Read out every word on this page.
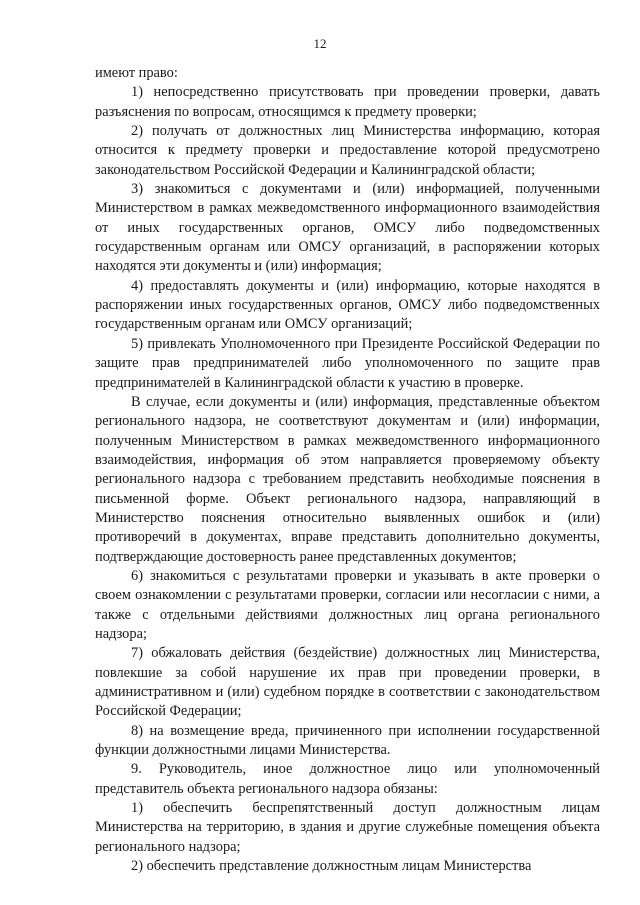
12

имеют право:

1) непосредственно присутствовать при проведении проверки, давать разъяснения по вопросам, относящимся к предмету проверки;

2) получать от должностных лиц Министерства информацию, которая относится к предмету проверки и предоставление которой предусмотрено законодательством Российской Федерации и Калининградской области;

3) знакомиться с документами и (или) информацией, полученными Министерством в рамках межведомственного информационного взаимодействия от иных государственных органов, ОМСУ либо подведомственных государственным органам или ОМСУ организаций, в распоряжении которых находятся эти документы и (или) информация;

4) предоставлять документы и (или) информацию, которые находятся в распоряжении иных государственных органов, ОМСУ либо подведомственных государственным органам или ОМСУ организаций;

5) привлекать Уполномоченного при Президенте Российской Федерации по защите прав предпринимателей либо уполномоченного по защите прав предпринимателей в Калининградской области к участию в проверке.

В случае, если документы и (или) информация, представленные объектом регионального надзора, не соответствуют документам и (или) информации, полученным Министерством в рамках межведомственного информационного взаимодействия, информация об этом направляется проверяемому объекту регионального надзора с требованием представить необходимые пояснения в письменной форме. Объект регионального надзора, направляющий в Министерство пояснения относительно выявленных ошибок и (или) противоречий в документах, вправе представить дополнительно документы, подтверждающие достоверность ранее представленных документов;

6) знакомиться с результатами проверки и указывать в акте проверки о своем ознакомлении с результатами проверки, согласии или несогласии с ними, а также с отдельными действиями должностных лиц органа регионального надзора;

7) обжаловать действия (бездействие) должностных лиц Министерства, повлекшие за собой нарушение их прав при проведении проверки, в административном и (или) судебном порядке в соответствии с законодательством Российской Федерации;

8) на возмещение вреда, причиненного при исполнении государственной функции должностными лицами Министерства.

9. Руководитель, иное должностное лицо или уполномоченный представитель объекта регионального надзора обязаны:

1) обеспечить беспрепятственный доступ должностным лицам Министерства на территорию, в здания и другие служебные помещения объекта регионального надзора;

2) обеспечить представление должностным лицам Министерства
